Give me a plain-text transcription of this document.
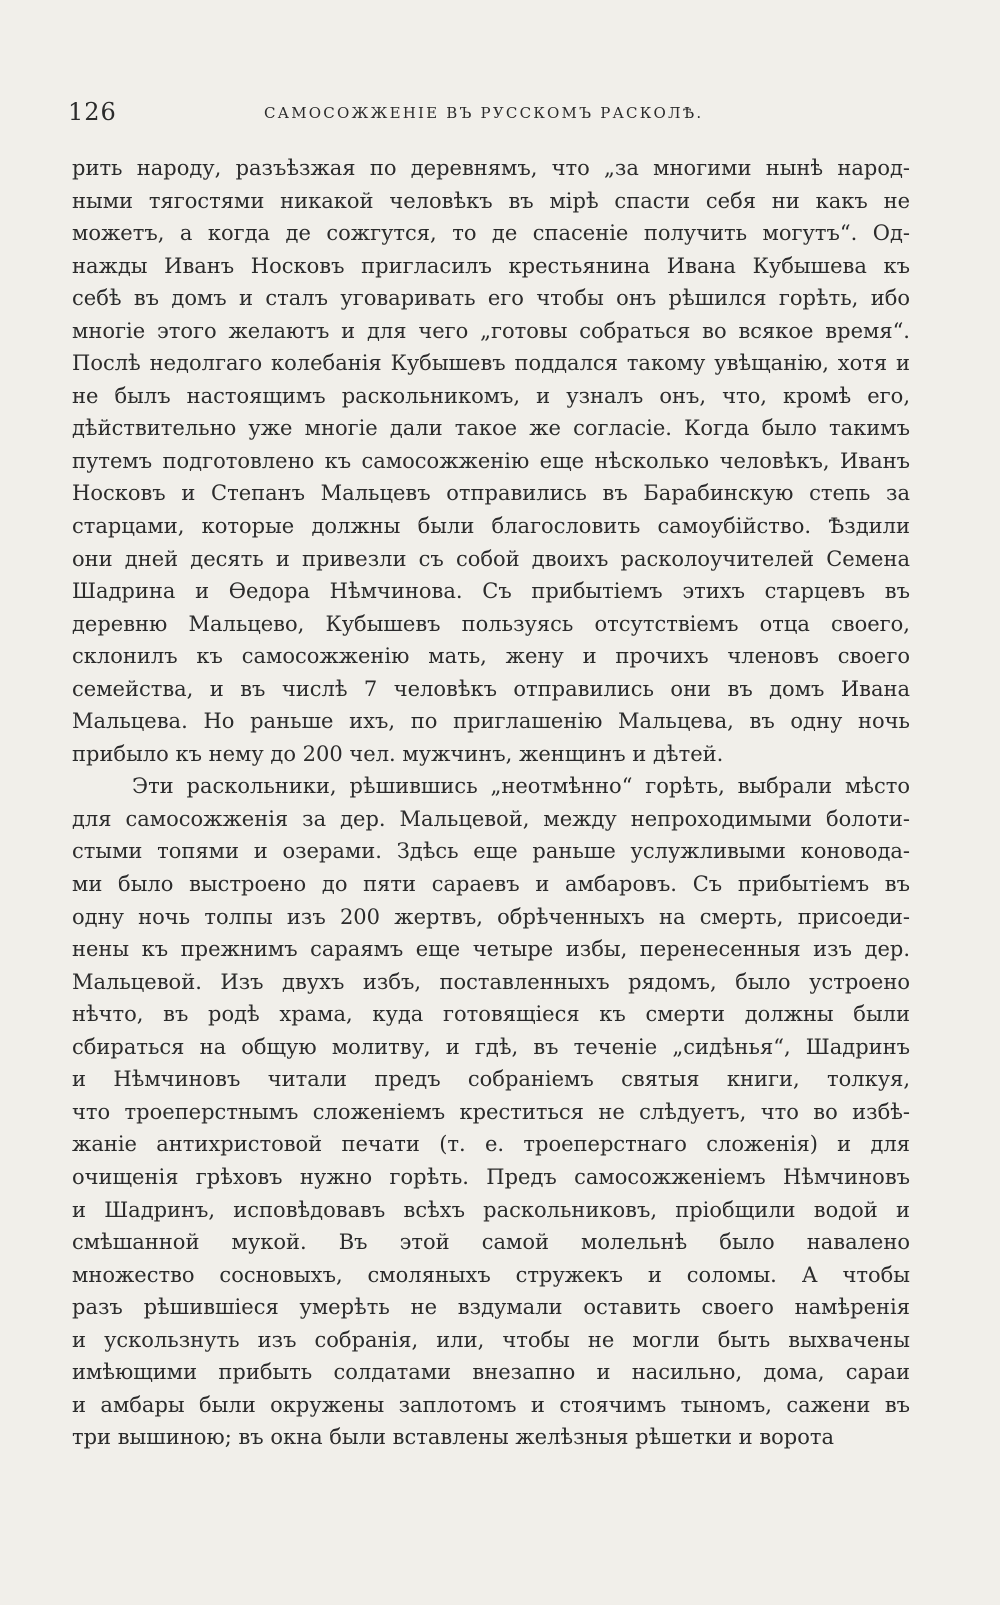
126	САМОСОЖЖЕНІЕ ВЪ РУССКОМЪ РАСКОЛѢ.
рить народу, разъѣзжая по деревнямъ, что „за многими нынѣ народ-
ными тягостями никакой человѣкъ въ мірѣ спасти себя ни какъ не
можетъ, а когда де сожгутся, то де спасеніе получить могутъ“. Од-
нажды Иванъ Носковъ пригласилъ крестьянина Ивана Кубышева къ
себѣ въ домъ и сталъ уговаривать его чтобы онъ рѣшился горѣть, ибо
многіе этого желаютъ и для чего „готовы собраться во всякое время“.
Послѣ недолгаго колебанія Кубышевъ поддался такому увѣщанію, хотя и
не былъ настоящимъ раскольникомъ, и узналъ онъ, что, кромѣ его,
дѣйствительно уже многіе дали такое же согласіе. Когда было такимъ
путемъ подготовлено къ самосожженію еще нѣсколько человѣкъ, Иванъ
Носковъ и Степанъ Мальцевъ отправились въ Барабинскую степь за
старцами, которые должны были благословить самоубійство. Ѣздили
они дней десять и привезли съ собой двоихъ расколоучителей Семена
Шадрина и Ѳедора Нѣмчинова. Съ прибытіемъ этихъ старцевъ въ
деревню Мальцево, Кубышевъ пользуясь отсутствіемъ отца своего,
склонилъ къ самосожженію мать, жену и прочихъ членовъ своего
семейства, и въ числѣ 7 человѣкъ отправились они въ домъ Ивана
Мальцева. Но раньше ихъ, по приглашенію Мальцева, въ одну ночь
прибыло къ нему до 200 чел. мужчинъ, женщинъ и дѣтей.
Эти раскольники, рѣшившись „неотмѣнно“ горѣть, выбрали мѣсто
для самосожженія за дер. Мальцевой, между непроходимыми болоти-
стыми топями и озерами. Здѣсь еще раньше услужливыми коновода-
ми было выстроено до пяти сараевъ и амбаровъ. Съ прибытіемъ въ
одну ночь толпы изъ 200 жертвъ, обрѣченныхъ на смерть, присоеди-
нены къ прежнимъ сараямъ еще четыре избы, перенесенныя изъ дер.
Мальцевой. Изъ двухъ избъ, поставленныхъ рядомъ, было устроено
нѣчто, въ родѣ храма, куда готовящіеся къ смерти должны были
сбираться на общую молитву, и гдѣ, въ теченіе „сидѣнья“, Шадринъ
и Нѣмчиновъ читали предъ собраніемъ святыя книги, толкуя,
что троеперстнымъ сложеніемъ креститься не слѣдуетъ, что во избѣ-
жаніе антихристовой печати (т. е. троеперстнаго сложенія) и для
очищенія грѣховъ нужно горѣть. Предъ самосожженіемъ Нѣмчиновъ
и Шадринъ, исповѣдовавъ всѣхъ раскольниковъ, пріобщили водой и
смѣшанной мукой. Въ этой самой молельнѣ было навалено
множество сосновыхъ, смоляныхъ стружекъ и соломы. А чтобы
разъ рѣшившіеся умерѣть не вздумали оставить своего намѣренія
и ускользнуть изъ собранія, или, чтобы не могли быть выхвачены
имѣющими прибыть солдатами внезапно и насильно, дома, сараи
и амбары были окружены заплотомъ и стоячимъ тыномъ, сажени въ
три вышиною; въ окна были вставлены желѣзныя рѣшетки и ворота
